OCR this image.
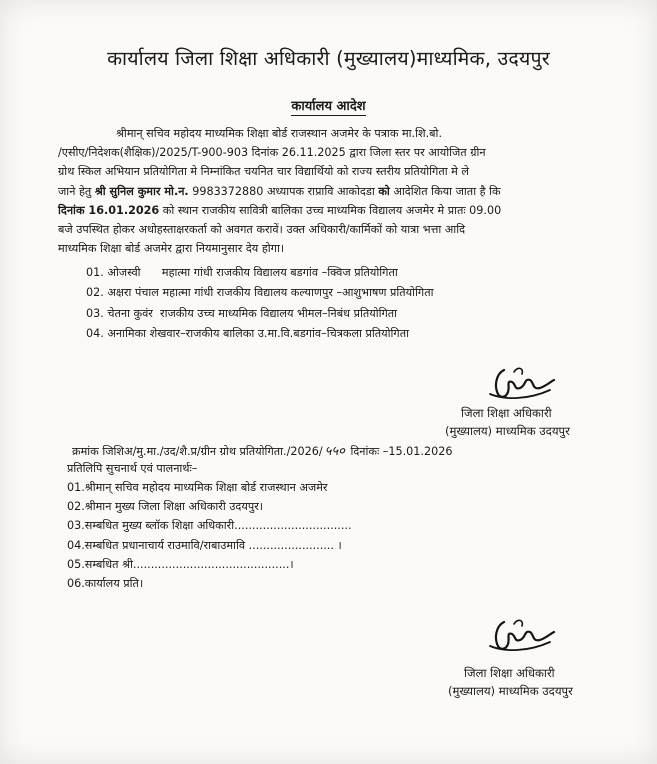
कार्यालय जिला शिक्षा अधिकारी (मुख्यालय)माध्यमिक, उदयपुर
कार्यालय आदेश
श्रीमान् सचिव महोदय माध्यमिक शिक्षा बोर्ड राजस्थान अजमेर के पत्राक मा.शि.बो.
/एसीए/निदेशक(शैक्षिक)/2025/T-900-903 दिनांक 26.11.2025 द्वारा जिला स्तर पर आयोजित ग्रीन
ग्रोथ स्किल अभियान प्रतियोगिता मे निम्नांकित चयनित चार विद्यार्थियो को राज्य स्तरीय प्रतियोगिता मे ले
जाने हेतु श्री सुनिल कुमार मो.न. 9983372880 अध्यापक राप्रावि आकोदडा को आदेशित किया जाता है कि
दिनांक 16.01.2026 को स्थान राजकीय सावित्री बालिका उच्च माध्यमिक विद्यालय अजमेर मे प्रातः 09.00
बजे उपस्थित होकर अधोहस्ताक्षरकर्ता को अवगत करावें। उक्त अधिकारी/कार्मिकों को यात्रा भत्ता आदि
माध्यमिक शिक्षा बोर्ड अजमेर द्वारा नियमानुसार देय होगा।
01. ओजस्वी      महात्मा गांधी राजकीय विद्यालय बडगांव –क्विज प्रतियोगिता
02. अक्षरा पंचाल महात्मा गांधी राजकीय विद्यालय कल्याणपुर –आशुभाषण प्रतियोगिता
03. चेतना कुवंर  राजकीय उच्च माध्यमिक विद्यालय भीमल–निबंध प्रतियोगिता
04. अनामिका शेखवार–राजकीय बालिका उ.मा.वि.बडगांव–चित्रकला प्रतियोगिता
जिला शिक्षा अधिकारी
(मुख्यालय) माध्यमिक उदयपुर
क्रमांक जिशिअ/मु.मा./उद/शै.प्र/ग्रीन ग्रोथ प्रतियोगिता./2026/ ५५० दिनांकः –15.01.2026
प्रतिलिपि सुचनार्थ एवं पालनार्थः–
01.श्रीमान् सचिव महोदय माध्यमिक शिक्षा बोर्ड राजस्थान अजमेर
02.श्रीमान मुख्य जिला शिक्षा अधिकारी उदयपुर।
03.सम्बधित मुख्य ब्लॉक शिक्षा अधिकारी.................................
04.सम्बधित प्रधानाचार्य राउमावि/राबाउमावि ........................ ।
05.सम्बधित श्री............................................।
06.कार्यालय प्रति।
जिला शिक्षा अधिकारी
(मुख्यालय) माध्यमिक उदयपुर
